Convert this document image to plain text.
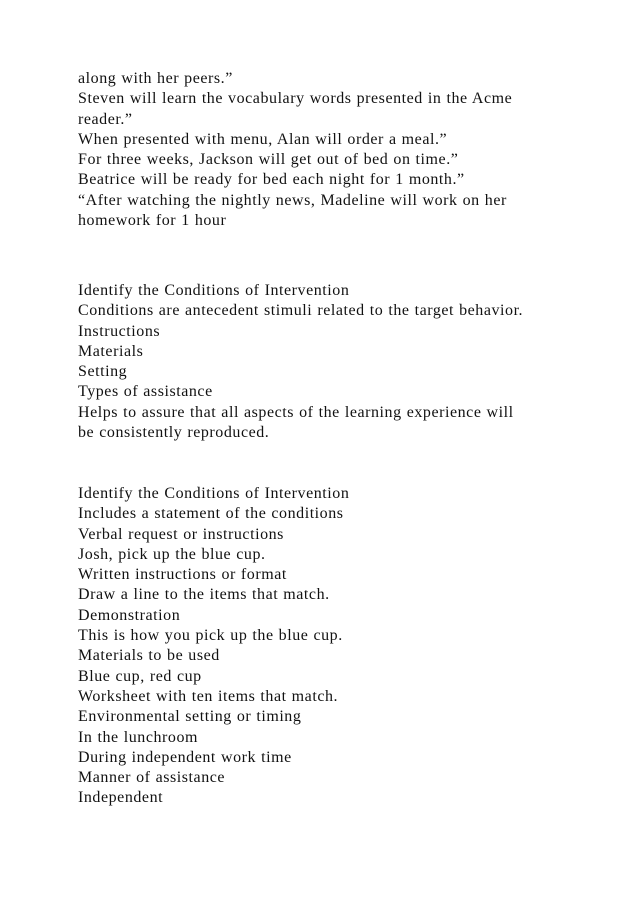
along with her peers.”
Steven will learn the vocabulary words presented in the Acme
reader.”
When presented with menu, Alan will order a meal.”
For three weeks, Jackson will get out of bed on time.”
Beatrice will be ready for bed each night for 1 month.”
“After watching the nightly news, Madeline will work on her
homework for 1 hour
Identify the Conditions of Intervention
Conditions are antecedent stimuli related to the target behavior.
Instructions
Materials
Setting
Types of assistance
Helps to assure that all aspects of the learning experience will
be consistently reproduced.
Identify the Conditions of Intervention
Includes a statement of the conditions
Verbal request or instructions
Josh, pick up the blue cup.
Written instructions or format
Draw a line to the items that match.
Demonstration
This is how you pick up the blue cup.
Materials to be used
Blue cup, red cup
Worksheet with ten items that match.
Environmental setting or timing
In the lunchroom
During independent work time
Manner of assistance
Independent
